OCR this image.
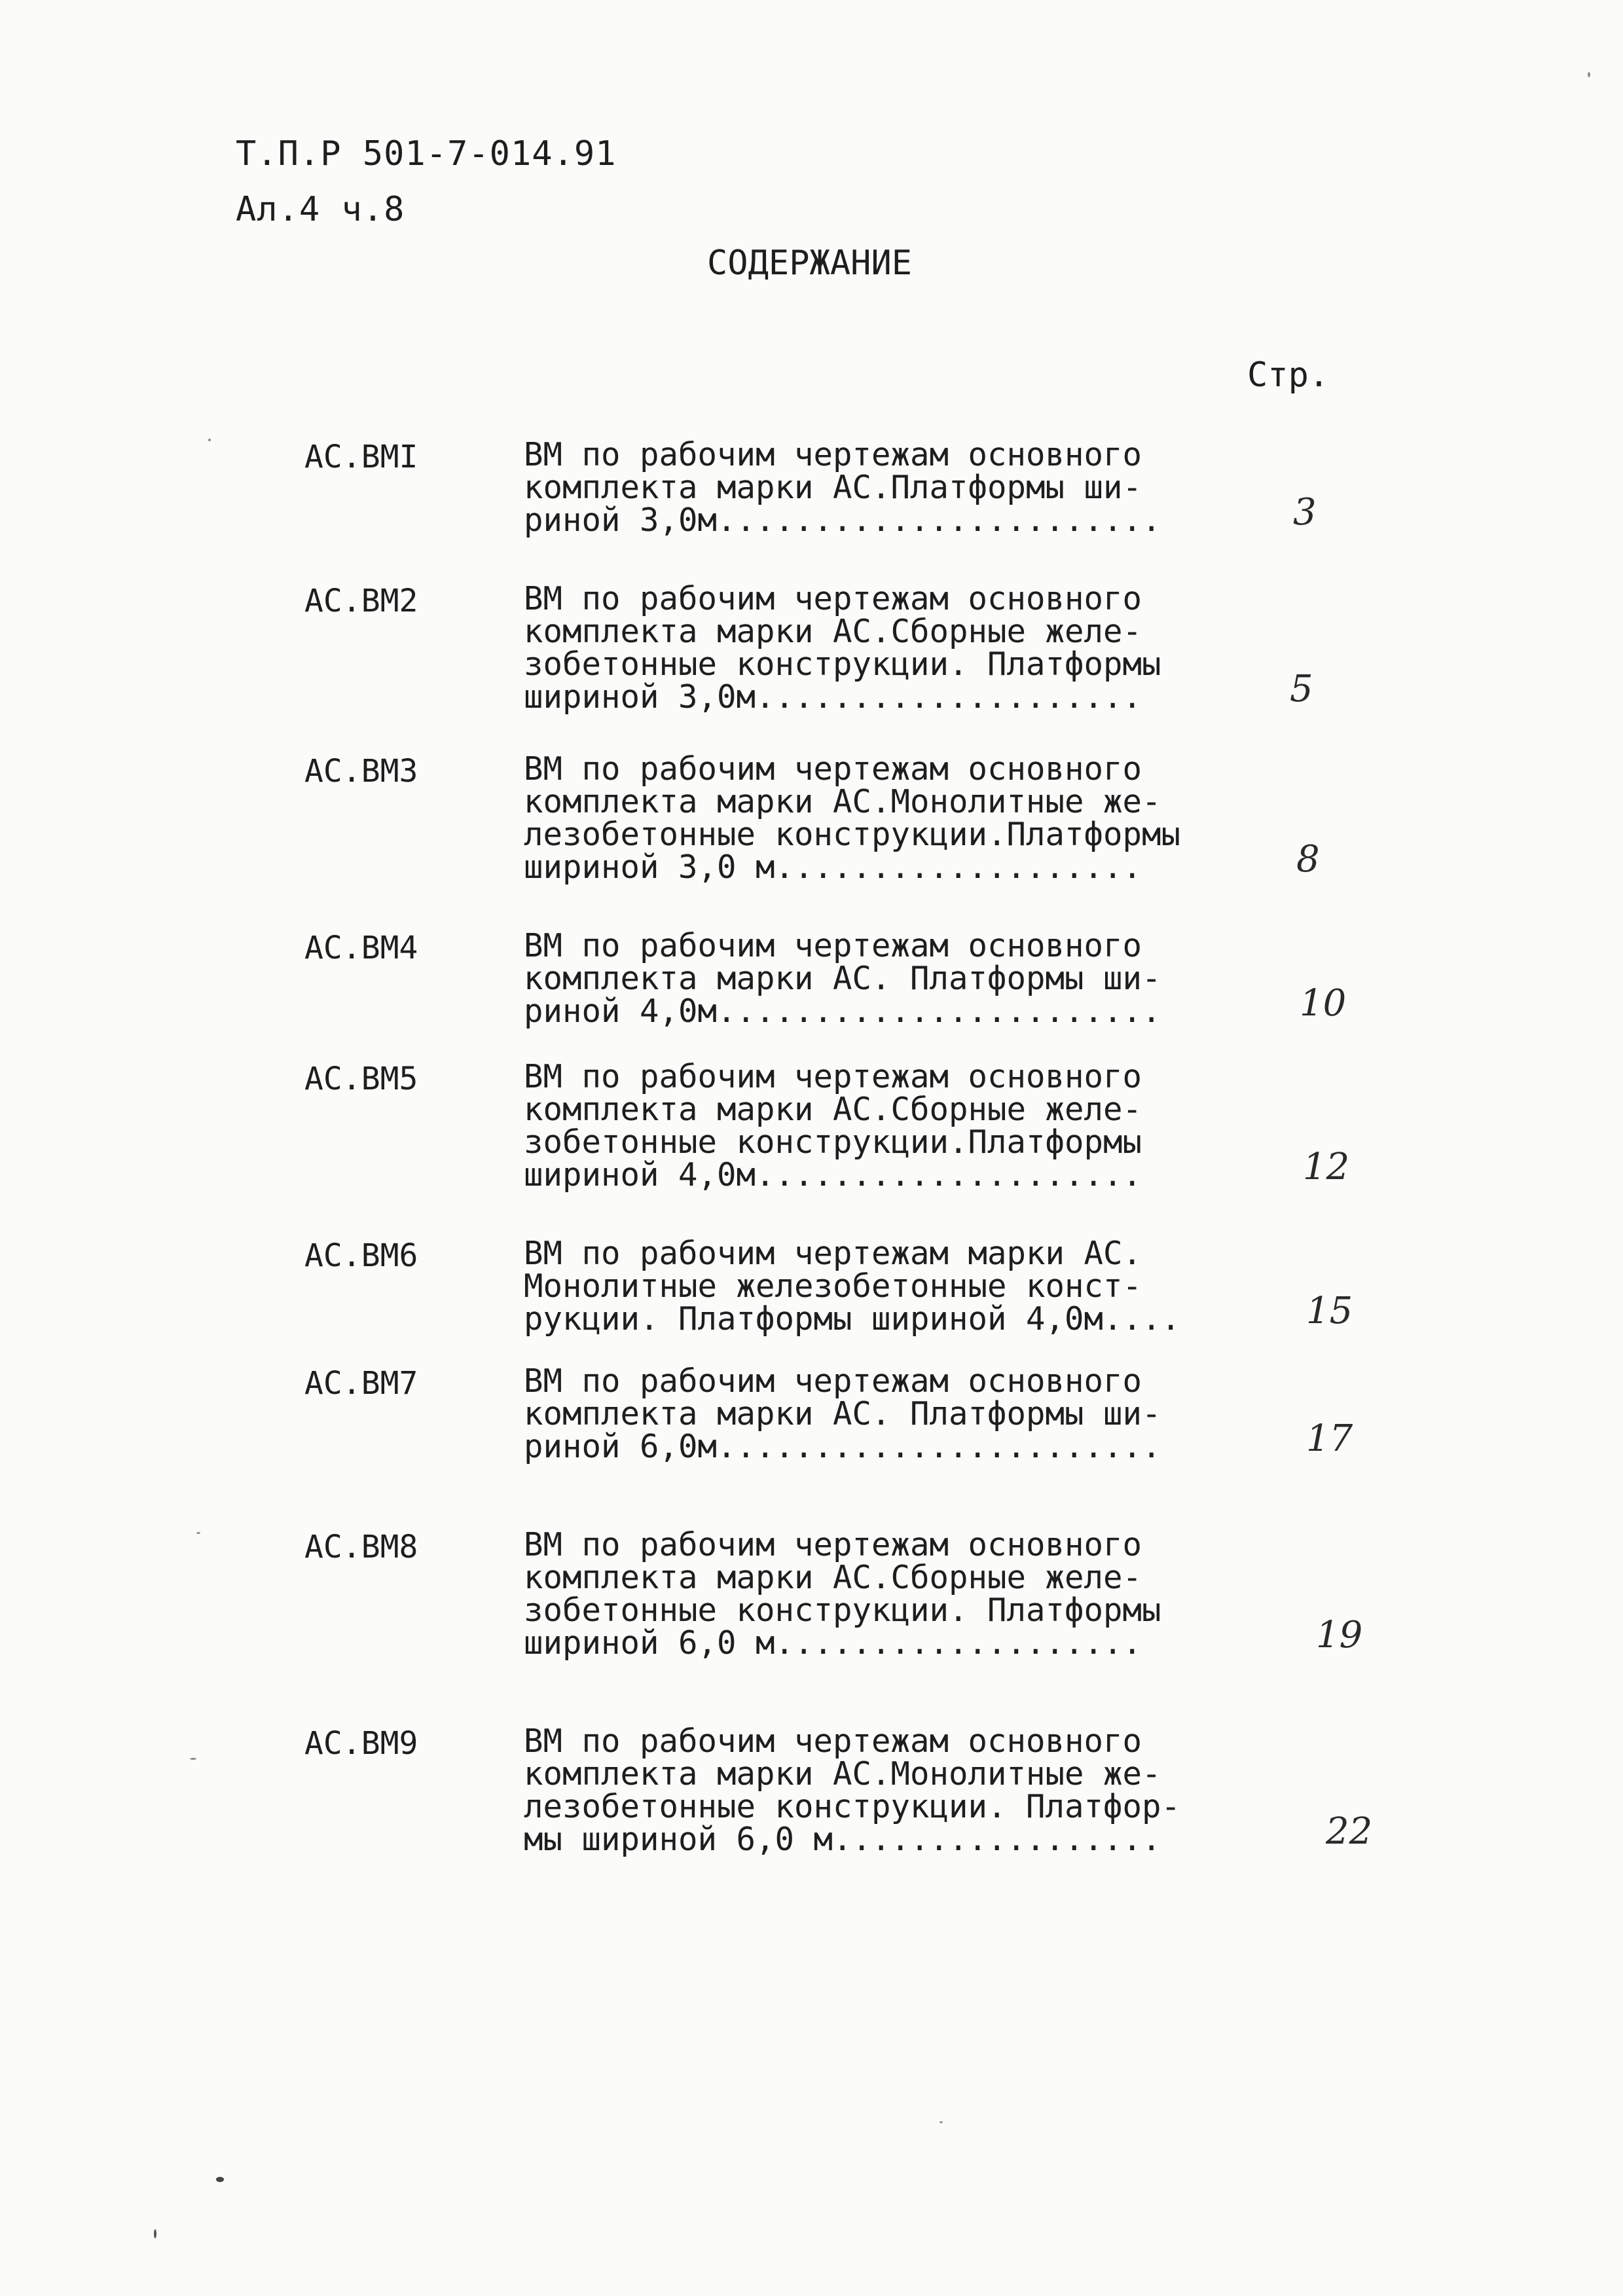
Т.П.Р 501-7-014.91
Ал.4 ч.8
СОДЕРЖАНИЕ
Стр.
АС.ВМI	ВМ по рабочим чертежам основного
комплекта марки АС.Платформы ши-
риной 3,0м.......................	3
АС.ВМ2	ВМ по рабочим чертежам основного
комплекта марки АС.Сборные желе-
зобетонные конструкции. Платформы
шириной 3,0м....................	5
АС.ВМ3	ВМ по рабочим чертежам основного
комплекта марки АС.Монолитные же-
лезобетонные конструкции.Платформы
шириной 3,0 м...................	8
АС.ВМ4	ВМ по рабочим чертежам основного
комплекта марки АС. Платформы ши-
риной 4,0м.......................	10
АС.ВМ5	ВМ по рабочим чертежам основного
комплекта марки АС.Сборные желе-
зобетонные конструкции.Платформы
шириной 4,0м....................	12
АС.ВМ6	ВМ по рабочим чертежам марки АС.
Монолитные железобетонные конст-
рукции. Платформы шириной 4,0м....	15
АС.ВМ7	ВМ по рабочим чертежам основного
комплекта марки АС. Платформы ши-
риной 6,0м.......................	17
АС.ВМ8	ВМ по рабочим чертежам основного
комплекта марки АС.Сборные желе-
зобетонные конструкции. Платформы
шириной 6,0 м...................	19
АС.ВМ9	ВМ по рабочим чертежам основного
комплекта марки АС.Монолитные же-
лезобетонные конструкции. Платфор-
мы шириной 6,0 м.................	22
